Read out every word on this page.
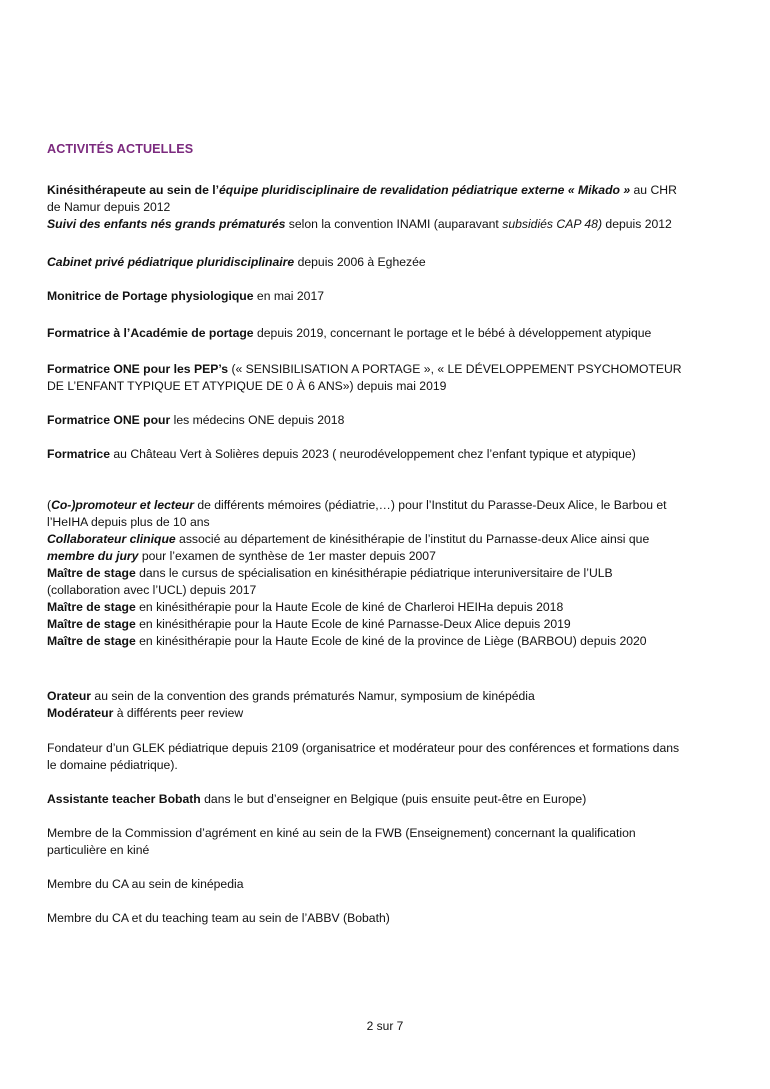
ACTIVITÉS ACTUELLES
Kinésithérapeute au sein de l’équipe pluridisciplinaire de revalidation pédiatrique externe « Mikado » au CHR
de Namur depuis 2012
Suivi des enfants nés grands prématurés selon la convention INAMI (auparavant subsidiés CAP 48) depuis 2012
Cabinet privé pédiatrique pluridisciplinaire depuis 2006 à Eghezée
Monitrice de Portage physiologique en mai 2017
Formatrice à l’Académie de portage depuis 2019, concernant le portage et le bébé à développement atypique
Formatrice ONE pour les PEP’s (« SENSIBILISATION A PORTAGE », « LE DÉVELOPPEMENT PSYCHOMOTEUR
DE L’ENFANT TYPIQUE ET ATYPIQUE DE 0 À 6 ANS») depuis mai 2019
Formatrice ONE pour les médecins ONE depuis 2018
Formatrice au Château Vert à Solières depuis 2023 ( neurodéveloppement chez l’enfant typique et atypique)
(Co-)promoteur et lecteur de différents mémoires (pédiatrie,…) pour l’Institut du Parasse-Deux Alice, le Barbou et
l’HeIHA depuis plus de 10 ans
Collaborateur clinique associé au département de kinésithérapie de l’institut du Parnasse-deux Alice ainsi que
membre du jury pour l’examen de synthèse de 1er master depuis 2007
Maître de stage dans le cursus de spécialisation en kinésithérapie pédiatrique interuniversitaire de l’ULB
(collaboration avec l’UCL) depuis 2017
Maître de stage en kinésithérapie pour la Haute Ecole de kiné de Charleroi HEIHa depuis 2018
Maître de stage en kinésithérapie pour la Haute Ecole de kiné Parnasse-Deux Alice depuis 2019
Maître de stage en kinésithérapie pour la Haute Ecole de kiné de la province de Liège (BARBOU) depuis 2020
Orateur au sein de la convention des grands prématurés Namur, symposium de kinépédia
Modérateur à différents peer review
Fondateur d’un GLEK pédiatrique depuis 2109 (organisatrice et modérateur pour des conférences et formations dans
le domaine pédiatrique).
Assistante teacher Bobath dans le but d’enseigner en Belgique (puis ensuite peut-être en Europe)
Membre de la Commission d’agrément en kiné au sein de la FWB (Enseignement) concernant la qualification
particulière en kiné
Membre du CA au sein de kinépedia
Membre du CA et du teaching team au sein de l’ABBV (Bobath)
2 sur 7
